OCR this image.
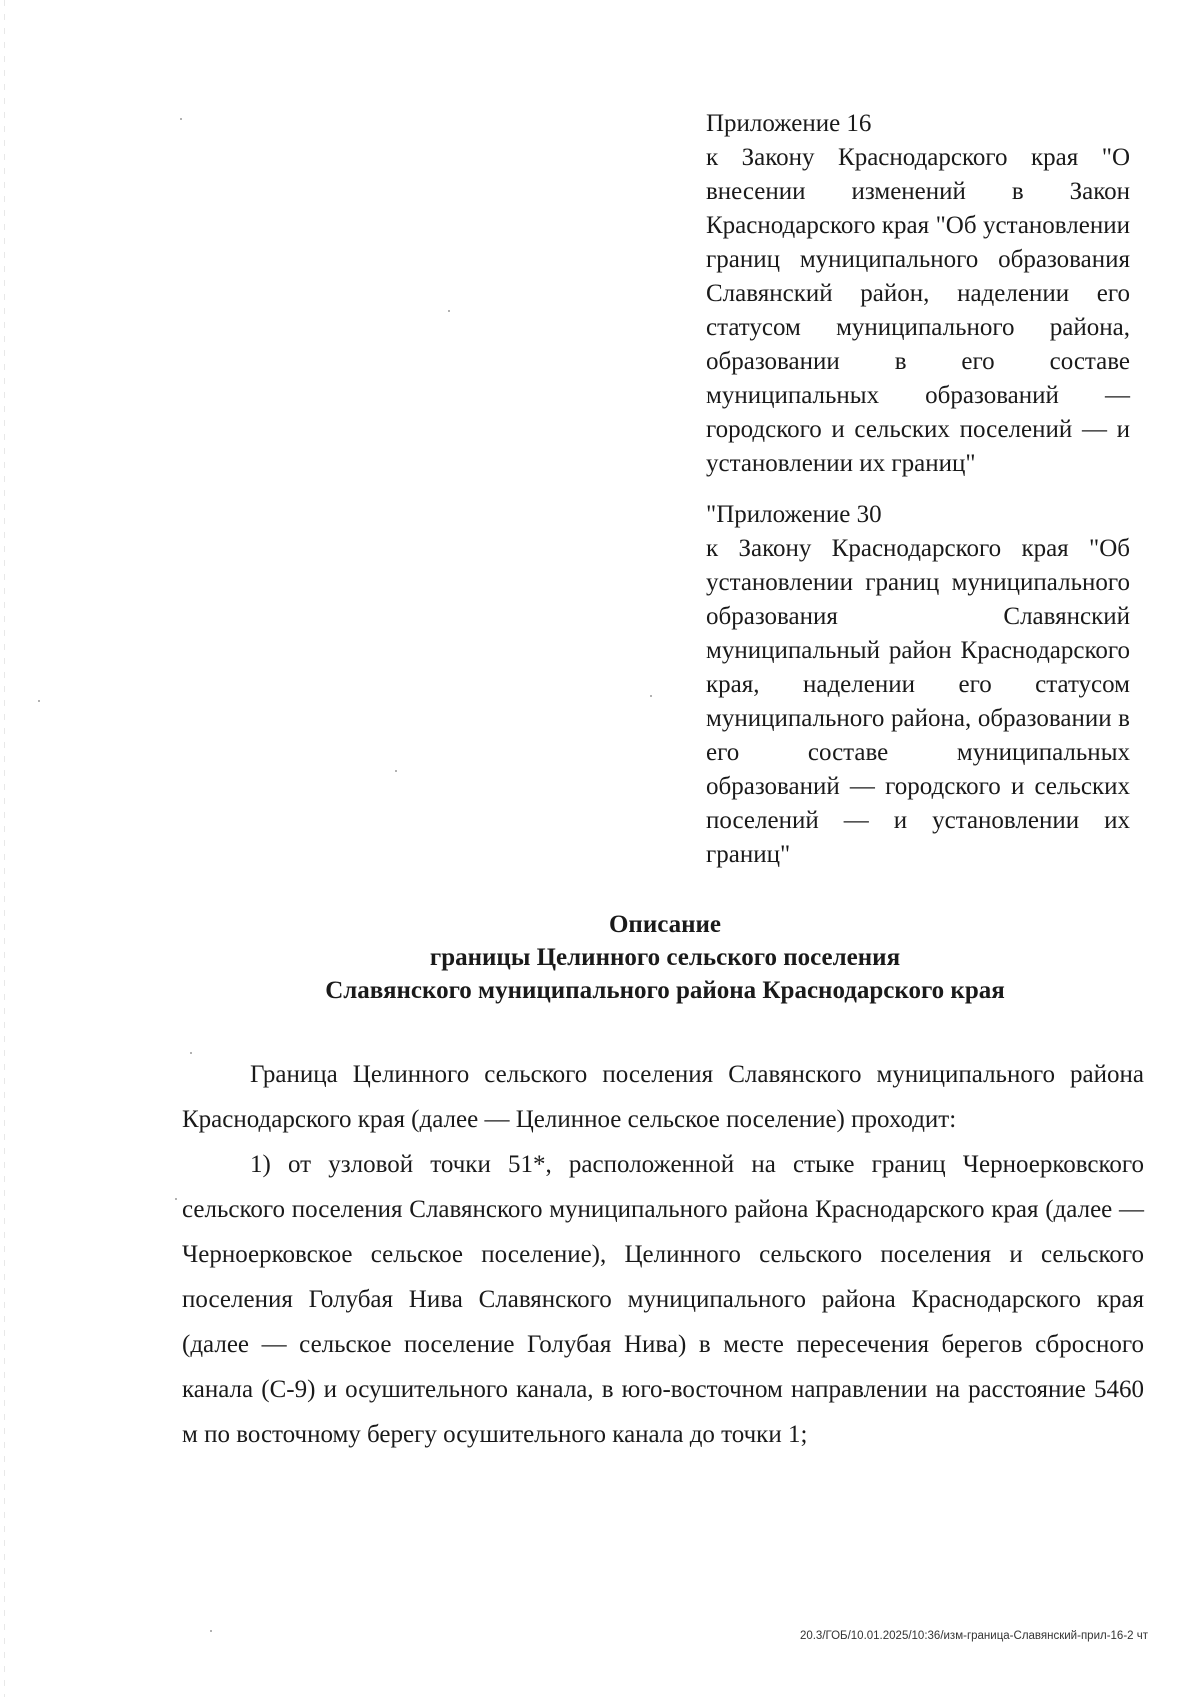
Приложение 16
к Закону Краснодарского края "О внесении изменений в Закон Краснодарского края "Об установлении границ муниципального образования Славянский район, наделении его статусом муниципального района, образовании в его составе муниципальных образований — городского и сельских поселений — и установлении их границ"
"Приложение 30
к Закону Краснодарского края "Об установлении границ муниципального образования Славянский муниципальный район Краснодарского края, наделении его статусом муниципального района, образовании в его составе муниципальных образований — городского и сельских поселений — и установлении их границ"
Описание
границы Целинного сельского поселения
Славянского муниципального района Краснодарского края

Граница Целинного сельского поселения Славянского муниципального района Краснодарского края (далее — Целинное сельское поселение) проходит:

1) от узловой точки 51*, расположенной на стыке границ Черноерковского сельского поселения Славянского муниципального района Краснодарского края (далее — Черноерковское сельское поселение), Целинного сельского поселения и сельского поселения Голубая Нива Славянского муниципального района Краснодарского края (далее — сельское поселение Голубая Нива) в месте пересечения берегов сбросного канала (С-9) и осушительного канала, в юго-восточном направлении на расстояние 5460 м по восточному берегу осушительного канала до точки 1;

20.3/ГОБ/10.01.2025/10:36/изм-граница-Славянский-прил-16-2 чт
